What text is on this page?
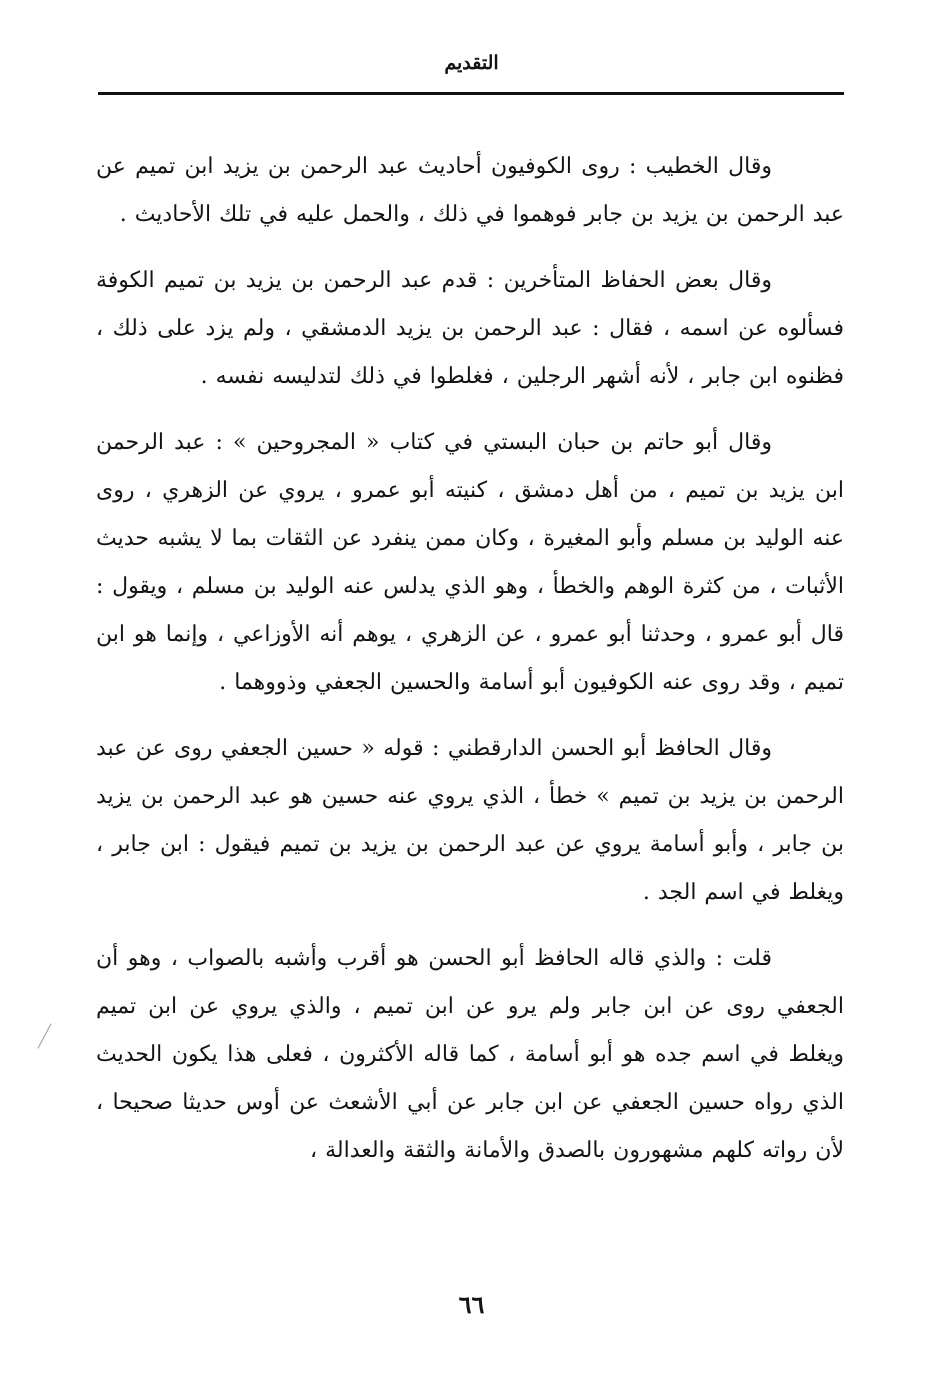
التقديم

وقال الخطيب : روى الكوفيون أحاديث عبد الرحمن بن يزيد ابن تميم عن عبد الرحمن بن يزيد بن جابر فوهموا في ذلك ، والحمل عليه في تلك الأحاديث .

وقال بعض الحفاظ المتأخرين : قدم عبد الرحمن بن يزيد بن تميم الكوفة فسألوه عن اسمه ، فقال : عبد الرحمن بن يزيد الدمشقي ، ولم يزد على ذلك ، فظنوه ابن جابر ، لأنه أشهر الرجلين ، فغلطوا في ذلك لتدليسه نفسه .

وقال أبو حاتم بن حبان البستي في كتاب « المجروحين » : عبد الرحمن ابن يزيد بن تميم ، من أهل دمشق ، كنيته أبو عمرو ، يروي عن الزهري ، روى عنه الوليد بن مسلم وأبو المغيرة ، وكان ممن ينفرد عن الثقات بما لا يشبه حديث الأثبات ، من كثرة الوهم والخطأ ، وهو الذي يدلس عنه الوليد بن مسلم ، ويقول : قال أبو عمرو ، وحدثنا أبو عمرو ، عن الزهري ، يوهم أنه الأوزاعي ، وإنما هو ابن تميم ، وقد روى عنه الكوفيون أبو أسامة والحسين الجعفي وذووهما .

وقال الحافظ أبو الحسن الدارقطني : قوله « حسين الجعفي روى عن عبد الرحمن بن يزيد بن تميم » خطأ ، الذي يروي عنه حسين هو عبد الرحمن بن يزيد بن جابر ، وأبو أسامة يروي عن عبد الرحمن بن يزيد بن تميم فيقول : ابن جابر ، ويغلط في اسم الجد .

قلت : والذي قاله الحافظ أبو الحسن هو أقرب وأشبه بالصواب ، وهو أن الجعفي روى عن ابن جابر ولم يرو عن ابن تميم ، والذي يروي عن ابن تميم ويغلط في اسم جده هو أبو أسامة ، كما قاله الأكثرون ، فعلى هذا يكون الحديث الذي رواه حسين الجعفي عن ابن جابر عن أبي الأشعث عن أوس حديثا صحيحا ، لأن رواته كلهم مشهورون بالصدق والأمانة والثقة والعدالة ،

٦٦
